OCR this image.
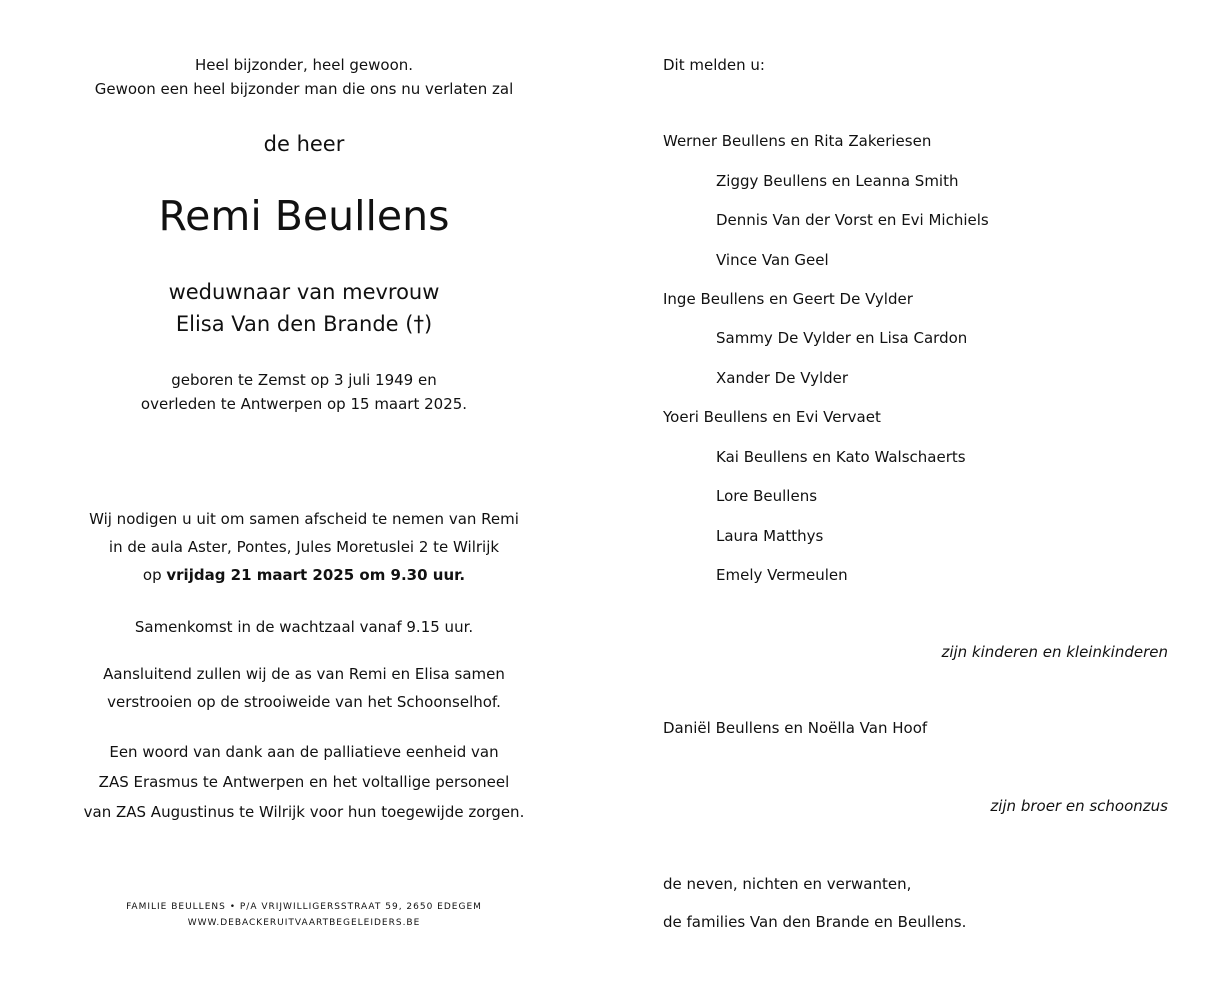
Heel bijzonder, heel gewoon.
Gewoon een heel bijzonder man die ons nu verlaten zal
de heer
Remi Beullens
weduwnaar van mevrouw
Elisa Van den Brande (†)
geboren te Zemst op 3 juli 1949 en
overleden te Antwerpen op 15 maart 2025.
Wij nodigen u uit om samen afscheid te nemen van Remi
in de aula Aster, Pontes, Jules Moretuslei 2 te Wilrijk
op vrijdag 21 maart 2025 om 9.30 uur.
Samenkomst in de wachtzaal vanaf 9.15 uur.
Aansluitend zullen wij de as van Remi en Elisa samen
verstrooien op de strooiweide van het Schoonselhof.
Een woord van dank aan de palliatieve eenheid van
ZAS Erasmus te Antwerpen en het voltallige personeel
van ZAS Augustinus te Wilrijk voor hun toegewijde zorgen.
FAMILIE BEULLENS • P/A VRIJWILLIGERSSTRAAT 59, 2650 EDEGEM
WWW.DEBACKERUITVAARTBEGELEIDERS.BE
Dit melden u:
Werner Beullens en Rita Zakeriesen
Ziggy Beullens en Leanna Smith
Dennis Van der Vorst en Evi Michiels
Vince Van Geel
Inge Beullens en Geert De Vylder
Sammy De Vylder en Lisa Cardon
Xander De Vylder
Yoeri Beullens en Evi Vervaet
Kai Beullens en Kato Walschaerts
Lore Beullens
Laura Matthys
Emely Vermeulen
zijn kinderen en kleinkinderen
Daniël Beullens en Noëlla Van Hoof
zijn broer en schoonzus
de neven, nichten en verwanten,
de families Van den Brande en Beullens.
